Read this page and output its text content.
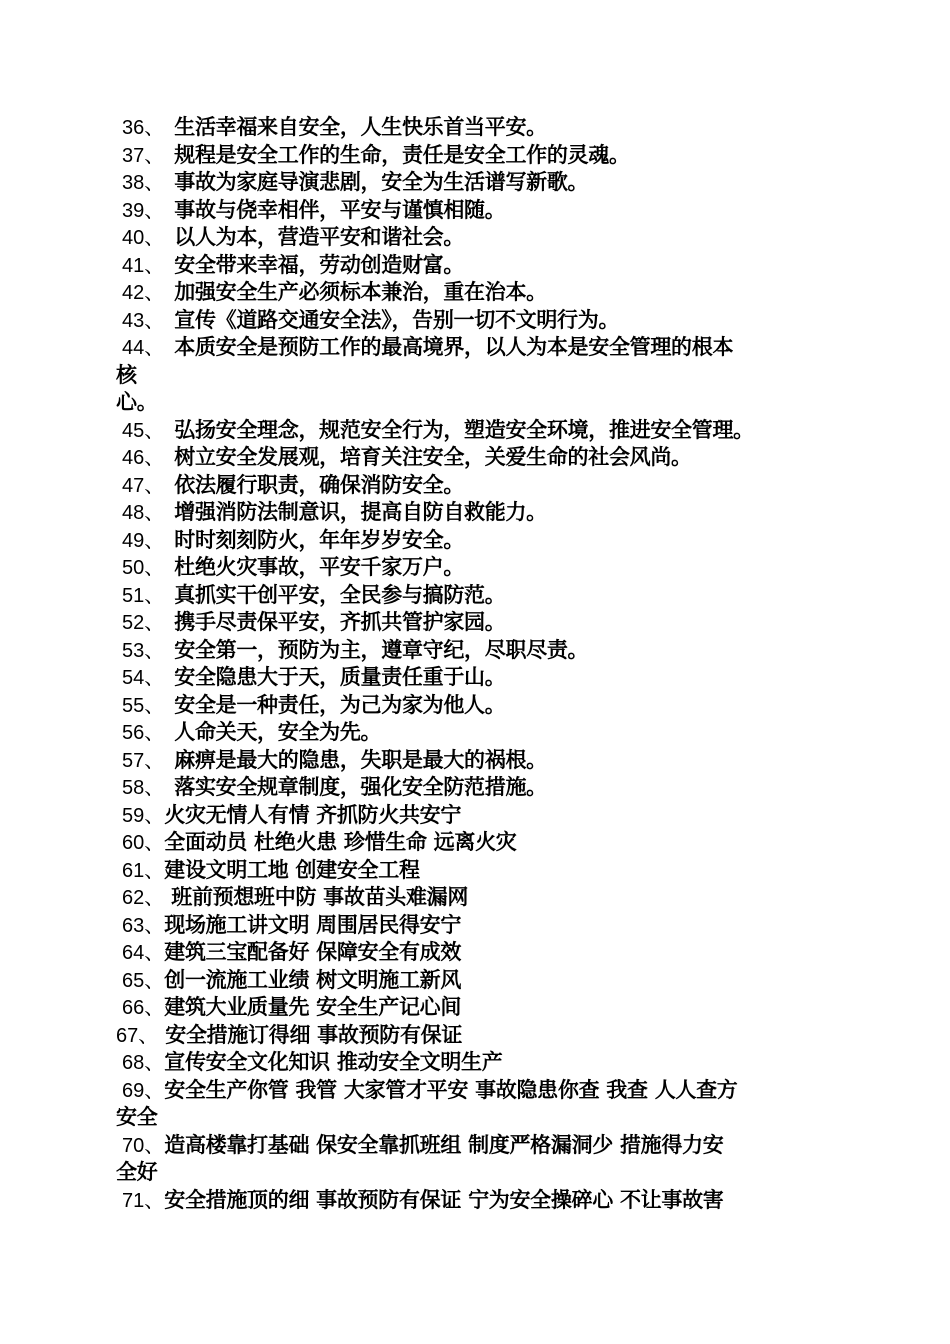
36、 生活幸福来自安全，人生快乐首当平安。
37、 规程是安全工作的生命，责任是安全工作的灵魂。
38、 事故为家庭导演悲剧，安全为生活谱写新歌。
39、 事故与侥幸相伴，平安与谨慎相随。
40、 以人为本，营造平安和谐社会。
41、 安全带来幸福，劳动创造财富。
42、 加强安全生产必须标本兼治，重在治本。
43、 宣传《道路交通安全法》，告别一切不文明行为。
44、 本质安全是预防工作的最高境界，以人为本是安全管理的根本
核
心。
45、 弘扬安全理念，规范安全行为，塑造安全环境，推进安全管理。
46、 树立安全发展观，培育关注安全，关爱生命的社会风尚。
47、 依法履行职责，确保消防安全。
48、 增强消防法制意识，提高自防自救能力。
49、 时时刻刻防火，年年岁岁安全。
50、 杜绝火灾事故，平安千家万户。
51、 真抓实干创平安，全民参与搞防范。
52、 携手尽责保平安，齐抓共管护家园。
53、 安全第一，预防为主，遵章守纪，尽职尽责。
54、 安全隐患大于天，质量责任重于山。
55、 安全是一种责任，为己为家为他人。
56、 人命关天，安全为先。
57、 麻痹是最大的隐患，失职是最大的祸根。
58、 落实安全规章制度，强化安全防范措施。
59、火灾无情人有情 齐抓防火共安宁
60、全面动员 杜绝火患 珍惜生命 远离火灾
61、建设文明工地 创建安全工程
62、 班前预想班中防 事故苗头难漏网
63、现场施工讲文明 周围居民得安宁
64、建筑三宝配备好 保障安全有成效
65、创一流施工业绩 树文明施工新风
66、建筑大业质量先 安全生产记心间
67、 安全措施订得细 事故预防有保证
68、宣传安全文化知识 推动安全文明生产
69、安全生产你管 我管 大家管才平安 事故隐患你查 我查 人人查方
安全
70、造高楼靠打基础 保安全靠抓班组 制度严格漏洞少 措施得力安
全好
71、安全措施顶的细 事故预防有保证 宁为安全操碎心 不让事故害
